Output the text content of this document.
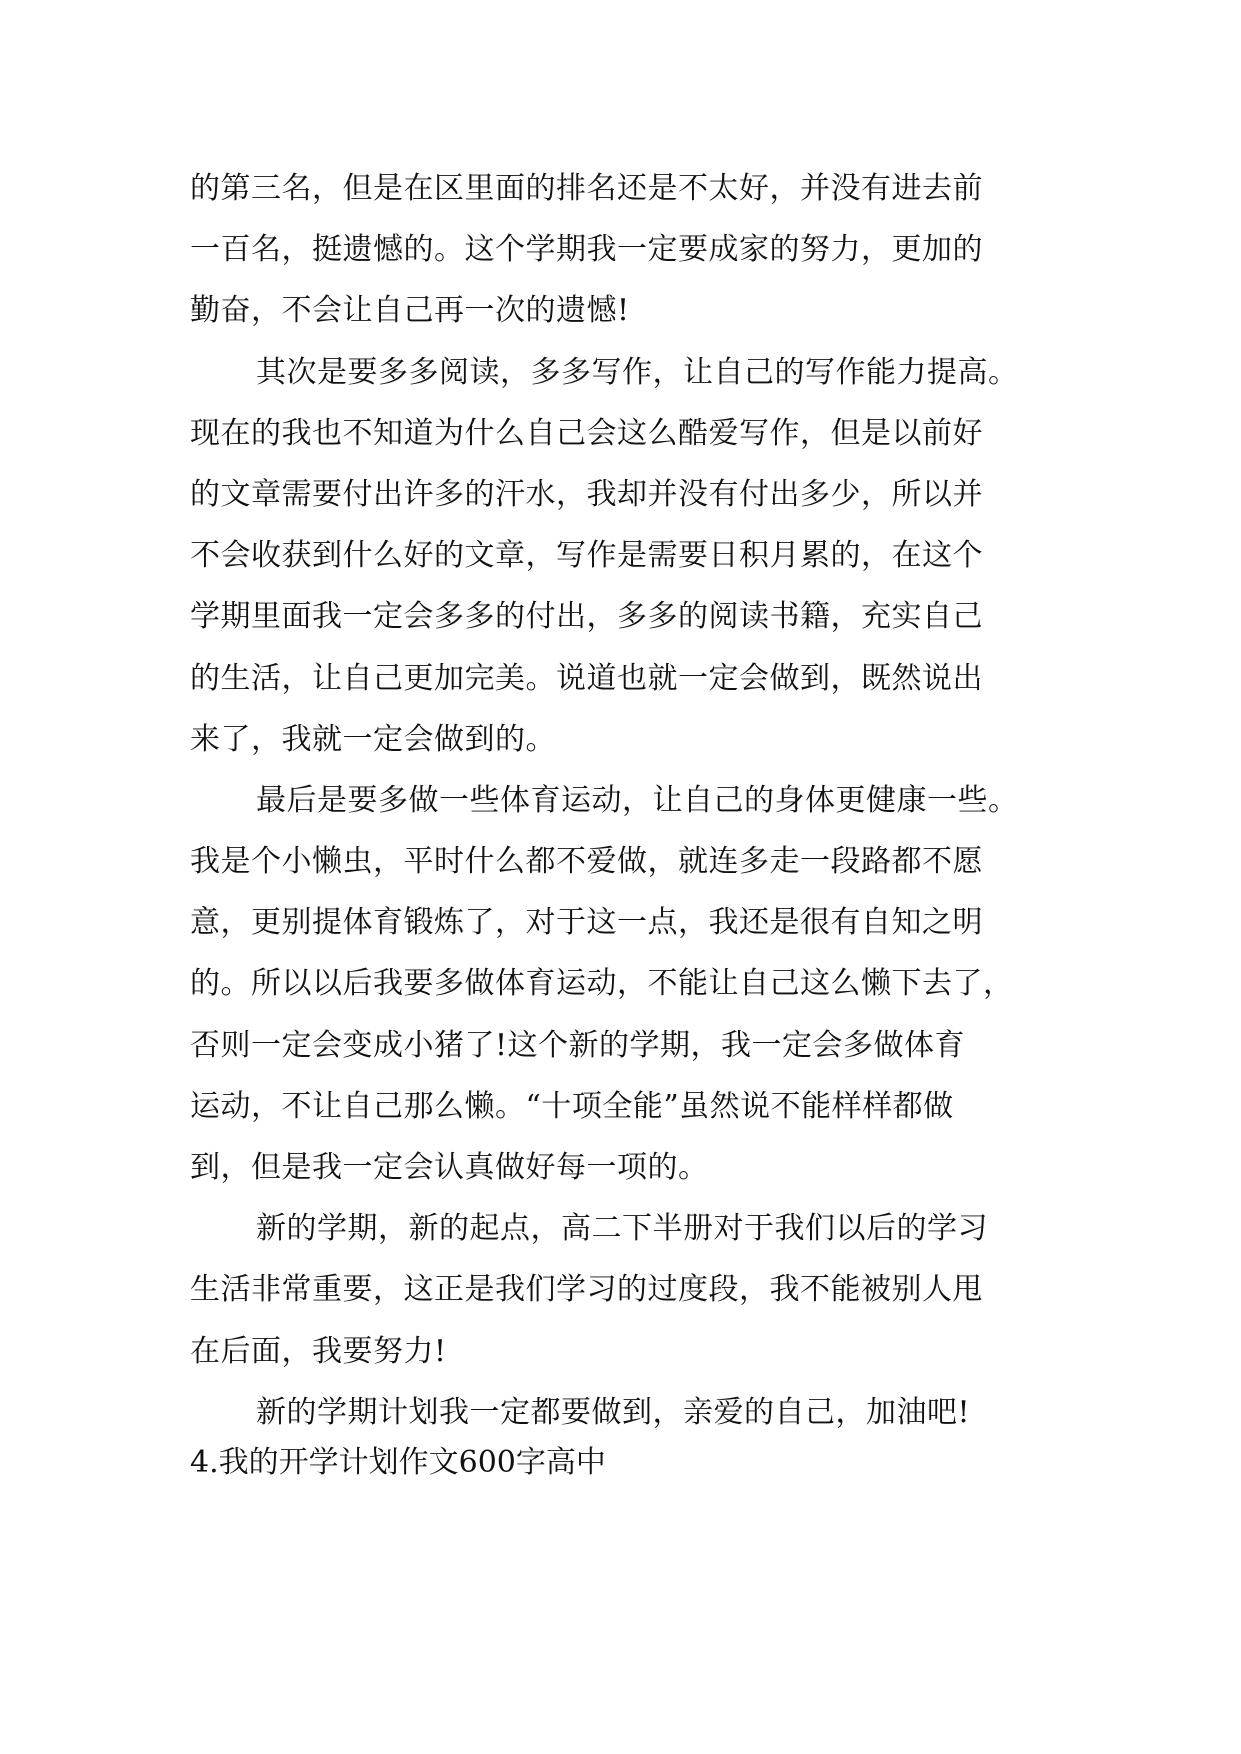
的第三名，但是在区里面的排名还是不太好，并没有进去前
一百名，挺遗憾的。这个学期我一定要成家的努力，更加的
勤奋，不会让自己再一次的遗憾!
其次是要多多阅读，多多写作，让自己的写作能力提高。
现在的我也不知道为什么自己会这么酷爱写作，但是以前好
的文章需要付出许多的汗水，我却并没有付出多少，所以并
不会收获到什么好的文章，写作是需要日积月累的，在这个
学期里面我一定会多多的付出，多多的阅读书籍，充实自己
的生活，让自己更加完美。说道也就一定会做到，既然说出
来了，我就一定会做到的。
最后是要多做一些体育运动，让自己的身体更健康一些。
我是个小懒虫，平时什么都不爱做，就连多走一段路都不愿
意，更别提体育锻炼了，对于这一点，我还是很有自知之明
的。所以以后我要多做体育运动，不能让自己这么懒下去了，
否则一定会变成小猪了!这个新的学期，我一定会多做体育
运动，不让自己那么懒。“十项全能”虽然说不能样样都做
到，但是我一定会认真做好每一项的。
新的学期，新的起点，高二下半册对于我们以后的学习
生活非常重要，这正是我们学习的过度段，我不能被别人甩
在后面，我要努力!
新的学期计划我一定都要做到，亲爱的自己，加油吧!
4.我的开学计划作文600字高中
